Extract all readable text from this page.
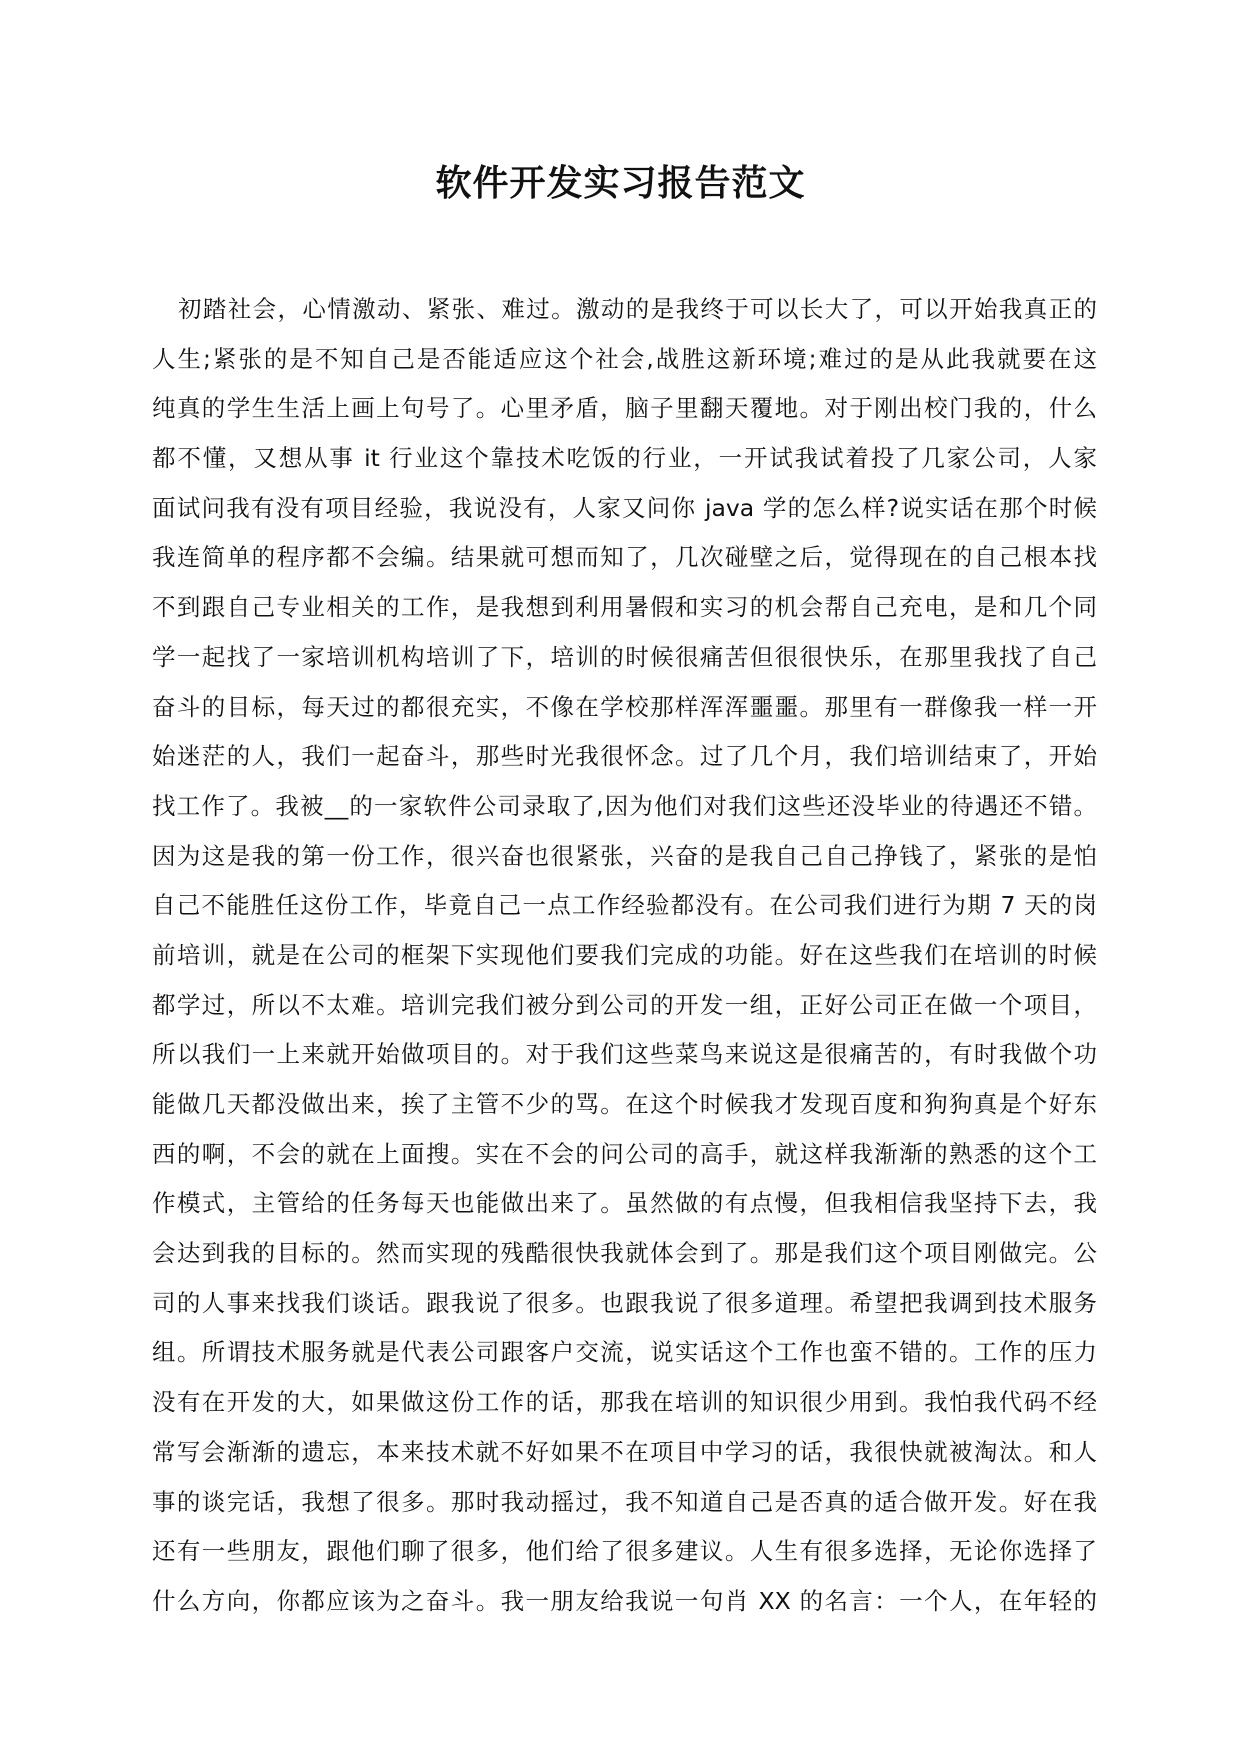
软件开发实习报告范文
初踏社会，心情激动、紧张、难过。激动的是我终于可以长大了，可以开始我真正的
人生;紧张的是不知自己是否能适应这个社会,战胜这新环境;难过的是从此我就要在这
纯真的学生生活上画上句号了。心里矛盾，脑子里翻天覆地。对于刚出校门我的，什么
都不懂，又想从事 it 行业这个靠技术吃饭的行业，一开试我试着投了几家公司，人家
面试问我有没有项目经验，我说没有，人家又问你 java 学的怎么样?说实话在那个时候
我连简单的程序都不会编。结果就可想而知了，几次碰壁之后，觉得现在的自己根本找
不到跟自己专业相关的工作，是我想到利用暑假和实习的机会帮自己充电，是和几个同
学一起找了一家培训机构培训了下，培训的时候很痛苦但很很快乐，在那里我找了自己
奋斗的目标，每天过的都很充实，不像在学校那样浑浑噩噩。那里有一群像我一样一开
始迷茫的人，我们一起奋斗，那些时光我很怀念。过了几个月，我们培训结束了，开始
找工作了。我被__的一家软件公司录取了,因为他们对我们这些还没毕业的待遇还不错。
因为这是我的第一份工作，很兴奋也很紧张，兴奋的是我自己自己挣钱了，紧张的是怕
自己不能胜任这份工作，毕竟自己一点工作经验都没有。在公司我们进行为期 7 天的岗
前培训，就是在公司的框架下实现他们要我们完成的功能。好在这些我们在培训的时候
都学过，所以不太难。培训完我们被分到公司的开发一组，正好公司正在做一个项目，
所以我们一上来就开始做项目的。对于我们这些菜鸟来说这是很痛苦的，有时我做个功
能做几天都没做出来，挨了主管不少的骂。在这个时候我才发现百度和狗狗真是个好东
西的啊，不会的就在上面搜。实在不会的问公司的高手，就这样我渐渐的熟悉的这个工
作模式，主管给的任务每天也能做出来了。虽然做的有点慢，但我相信我坚持下去，我
会达到我的目标的。然而实现的残酷很快我就体会到了。那是我们这个项目刚做完。公
司的人事来找我们谈话。跟我说了很多。也跟我说了很多道理。希望把我调到技术服务
组。所谓技术服务就是代表公司跟客户交流，说实话这个工作也蛮不错的。工作的压力
没有在开发的大，如果做这份工作的话，那我在培训的知识很少用到。我怕我代码不经
常写会渐渐的遗忘，本来技术就不好如果不在项目中学习的话，我很快就被淘汰。和人
事的谈完话，我想了很多。那时我动摇过，我不知道自己是否真的适合做开发。好在我
还有一些朋友，跟他们聊了很多，他们给了很多建议。人生有很多选择，无论你选择了
什么方向，你都应该为之奋斗。我一朋友给我说一句肖 XX 的名言：一个人，在年轻的
